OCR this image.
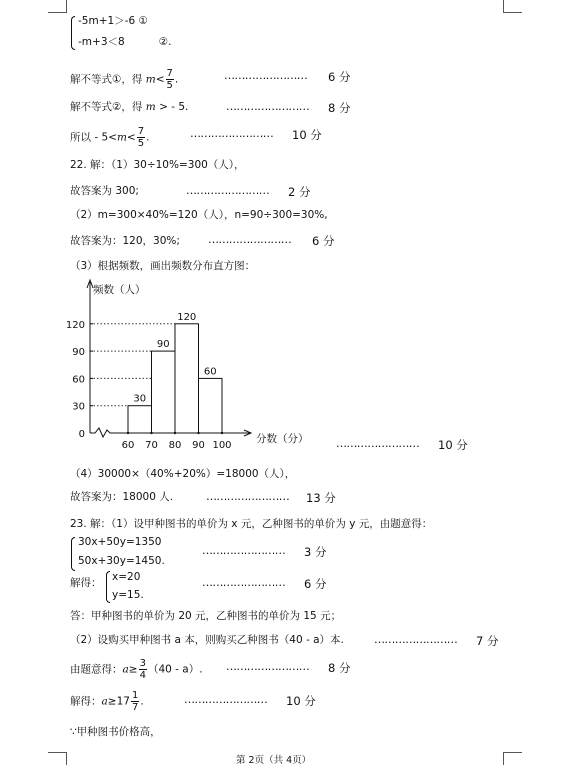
-5m+1＞-6 ①
-m+3＜8	②.
解不等式①，得 $m< \frac{7}{5}$ .	…………………… 6 分
解不等式②，得 m > - 5.	…………………… 8 分
所以 - $5<m< \frac{7}{5}$ .	…………………… 10 分
22. 解：（1）30÷10%=300（人），
故答案为 300;	…………………… 2 分
（2）m=300×40%=120（人），n=90÷300=30%,
故答案为：120，30%;	…………………… 6 分
（3）根据频数，画出频数分布直方图：
30
90
120
60
0
30
60
90
120
60 70 80 90 100
频数（人）
分数（分）	…………………… 10 分
（4）30000×（40%+20%）=18000（人），
故答案为：18000 人.	…………………… 13 分
23. 解：（1）设甲种图书的单价为 x 元，乙种图书的单价为 y 元，由题意得：
30x+50y=1350
50x+30y=1450.
…………………… 3 分
解得： x=20
y=15.
…………………… 6 分
答：甲种图书的单价为 20 元，乙种图书的单价为 15 元；
（2）设购买甲种图书 a 本，则购买乙种图书（40 - a）本.	…………………… 7 分
由题意得：$a\ge \frac{3}{4} (40 - a)$. …………………… 8 分
解得：$a\ge 17 \frac{1}{7}$ .	…………………… 10 分
∵甲种图书价格高，
第 2页（共 4页）
